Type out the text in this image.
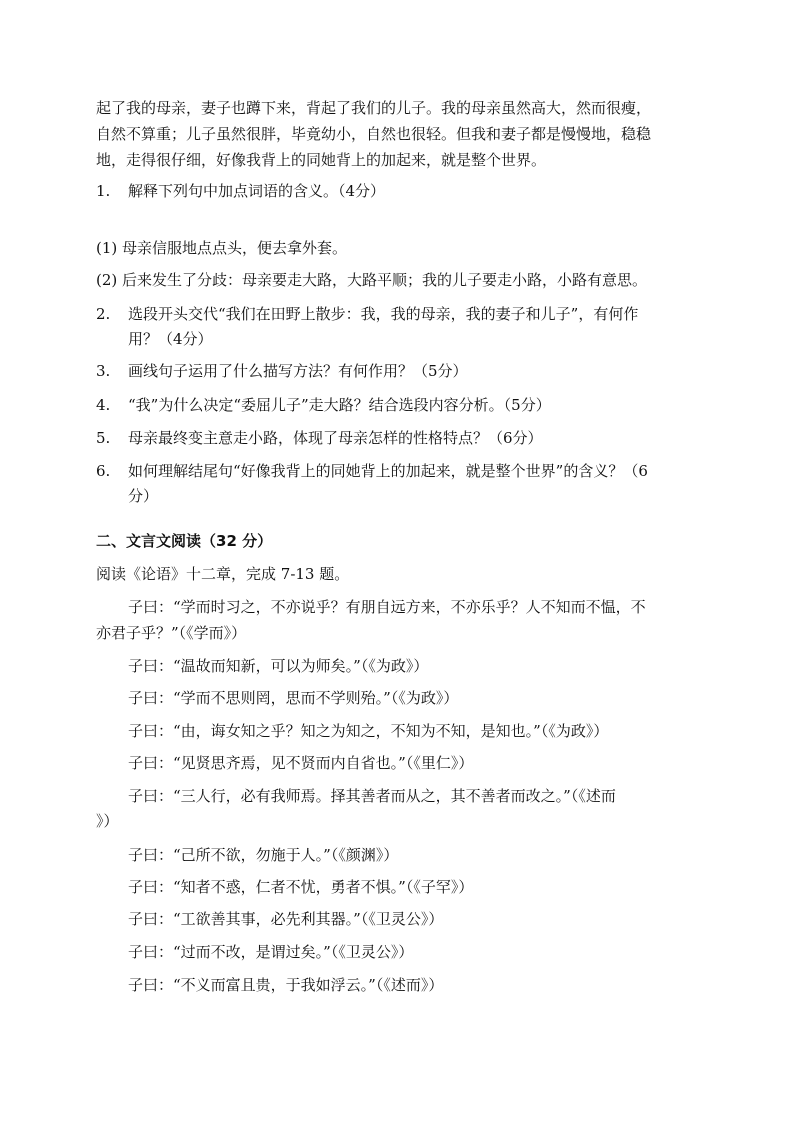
起了我的母亲，妻子也蹲下来，背起了我们的儿子。我的母亲虽然高大，然而很瘦，
自然不算重；儿子虽然很胖，毕竟幼小，自然也很轻。但我和妻子都是慢慢地，稳稳
地，走得很仔细，好像我背上的同她背上的加起来，就是整个世界。
1. 解释下列句中加点词语的含义。（4分）
(1) 母亲信服地点点头，便去拿外套。
(2) 后来发生了分歧：母亲要走大路，大路平顺；我的儿子要走小路，小路有意思。
2. 选段开头交代“我们在田野上散步：我，我的母亲，我的妻子和儿子”，有何作
用？（4分）
3. 画线句子运用了什么描写方法？有何作用？（5分）
4. “我”为什么决定“委屈儿子”走大路？结合选段内容分析。（5分）
5. 母亲最终变主意走小路，体现了母亲怎样的性格特点？（6分）
6. 如何理解结尾句“好像我背上的同她背上的加起来，就是整个世界”的含义？（6
分）
二、文言文阅读（32 分）
阅读《论语》十二章，完成 7-13 题。
子曰：“学而时习之，不亦说乎？有朋自远方来，不亦乐乎？人不知而不愠，不
亦君子乎？”（《学而》）
子曰：“温故而知新，可以为师矣。”（《为政》）
子曰：“学而不思则罔，思而不学则殆。”（《为政》）
子曰：“由，诲女知之乎？知之为知之，不知为不知，是知也。”（《为政》）
子曰：“见贤思齐焉，见不贤而内自省也。”（《里仁》）
子曰：“三人行，必有我师焉。择其善者而从之，其不善者而改之。”（《述而
》）
子曰：“己所不欲，勿施于人。”（《颜渊》）
子曰：“知者不惑，仁者不忧，勇者不惧。”（《子罕》）
子曰：“工欲善其事，必先利其器。”（《卫灵公》）
子曰：“过而不改，是谓过矣。”（《卫灵公》）
子曰：“不义而富且贵，于我如浮云。”（《述而》）
